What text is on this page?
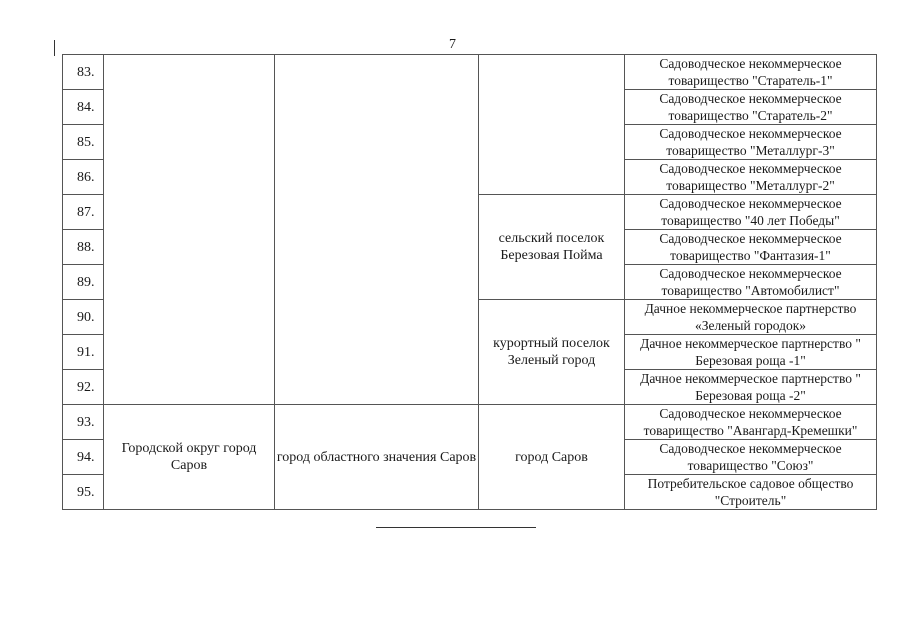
7
83.				Садоводческое некоммерческое товарищество "Старатель-1"
84.				Садоводческое некоммерческое товарищество "Старатель-2"
85.				Садоводческое некоммерческое товарищество "Металлург-3"
86.				Садоводческое некоммерческое товарищество "Металлург-2"
87.			сельский поселок Березовая Пойма	Садоводческое некоммерческое товарищество "40 лет Победы"
88.				Садоводческое некоммерческое товарищество "Фантазия-1"
89.				Садоводческое некоммерческое товарищество "Автомобилист"
90.			курортный поселок Зеленый город	Дачное некоммерческое партнерство «Зеленый городок»
91.				Дачное некоммерческое партнерство " Березовая роща -1"
92.				Дачное некоммерческое партнерство " Березовая роща -2"
93.	Городской округ город Саров	город областного значения Саров	город Саров	Садоводческое некоммерческое товарищество "Авангард-Кремешки"
94.				Садоводческое некоммерческое товарищество "Союз"
95.				Потребительское садовое общество "Строитель"
